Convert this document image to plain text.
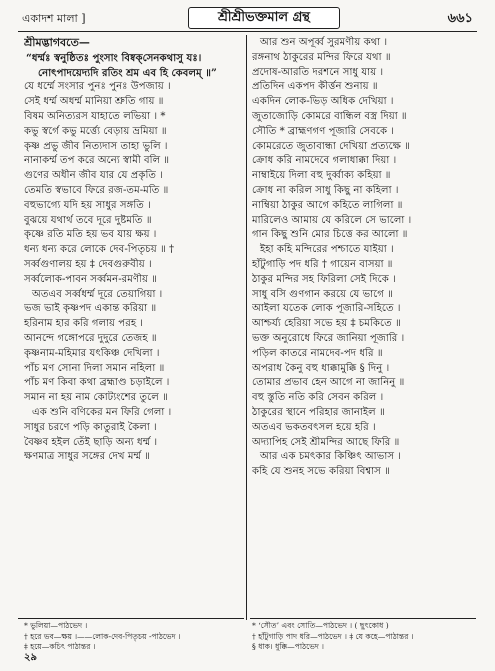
একাদশ মালা ]	শ্রীশ্রীভক্তমাল গ্রন্থ	৬৬১
শ্রীমদ্ভাগবতে—
“ধর্ম্মঃ স্বনুষ্ঠিতঃ পুংসাং বিষ্বক্‌সেনকথাসু যঃ।
নোৎপাদয়েদ্যদি রতিং শ্রম এব হি কেবলম্‌ ॥”
যে ধর্ম্মে সংসার পুনঃ পুনঃ উপজায় ।
সেই ধর্ম্ম অধর্ম্ম মানিয়া শ্রুতি গায় ॥
বিষম অনিত্যরস যাহাতে লভিয়া । *
কভু স্বর্গে কভু মর্ত্ত্যে বেড়ায় ভ্রমিয়া ॥
কৃষ্ণ প্রভু জীব নিত্যদাস তাহা ভুলি ।
নানাকর্ম্ম তপ করে অন্যে স্বামী বলি ॥
গুণের অধীন জীব যার যে প্রকৃতি ।
তেমতি স্বভাবে ফিরে রজ-তম-মতি ॥
বহুভাগ্যে যদি হয় সাধুর সঙ্গতি ।
বুঝয়ে যথার্থ তবে দূরে দুষ্টমতি ॥
কৃষ্ণে রতি মতি হয় ভব যায় ক্ষয় ।
ধন্য ধন্য করে লোকে দেব-পিতৃচয় ॥ †
সর্ব্বগুণালয় হয় ‡ দেবগুরুবীয় ।
সর্ব্বলোক-পাবন সর্ব্বমন-রমণীয় ॥
অতএব সর্ব্বধর্ম্ম দূরে তেয়াগিয়া ।
ভজ ভাই কৃষ্ণপদ একান্ত করিয়া ॥
হরিনাম হার করি গলায় পরহ ।
আনন্দে গঙ্গোপরে দুদুরে তেজহ ॥
কৃষ্ণনাম-মহিমার যৎকিঞ্চ দেখিলা ।
পাঁচ মণ সোনা দিলা সমান নহিলা ॥
পাঁচ মণ কিবা কথা ব্রহ্মাণ্ড চড়াইলে ।
সমান না হয় নাম কোট্যংশের তুলে ॥
এক শুনি বণিকের মন ফিরি গেলা ।
সাধুর চরণে পড়ি কাতুরাই কৈলা ।
বৈষ্ণব হইল তেঁই ছাড়ি অন্য ধর্ম্ম ।
ক্ষণমাত্র সাধুর সঙ্গের দেখ মর্ম্ম ॥
আর শুন অপূর্ব্ব সুরমণীয় কথা ।
রঙ্গনাথ ঠাকুরের মন্দির ফিরে যথা ॥
প্রদোষ-আরতি দরশনে সাধু যায় ।
প্রতিদিন একপদ কীর্ত্তন শুনায় ॥
একদিন লোক-ভিড় অধিক দেখিয়া ।
জুতাজোড়ি কোমরে বান্ধিল বস্ত্র দিয়া ॥
সৌতি * ব্রাহ্মণগণ পূজারি সেবকে ।
কোমরেতে জুতাবান্ধা দেখিয়া প্রত্যক্ষে ॥
ক্রোধ করি নামদেবে গলাধাক্কা দিয়া ।
নাম্বাইয়ে দিলা বহু দুর্ব্বাক্য কহিয়া ॥
ক্রোধ না করিল সাধু কিছু না কহিলা ।
নাম্বিয়া ঠাকুর আগে কহিতে লাগিলা ॥
মারিলেও আমায় যে করিলে সে ভালো ।
গান কিছু শুনি মোর চিত্তে কর আলো ॥
ইহা কহি মন্দিরের পশ্চাতে যাইয়া ।
হাঁটুগাড়ি পদ ধরি † গায়েন বাসয়া ॥
ঠাকুর মন্দির সহ ফিরিলা সেই দিকে ।
সাধু বসি গুণগান করয়ে যে ভাগে ॥
আইলা যতেক লোক পূজারি-সহিতে ।
আশ্চর্য্য হেরিয়া সভে হয় ‡ চমকিতে ॥
ভক্ত অনুরোধে ফিরে জানিয়া পূজারি ।
পড়িল কাতরে নামদেব-পদ ধরি ॥
অপরাধ কৈনু বহু ধাক্কামুক্কি § দিনু ।
তোমার প্রভাব হেন আগে না জানিনু ॥
বহু স্তুতি নতি করি সেবন করিল ।
ঠাকুরের স্থানে পরিহার জানাইল ॥
অতএব ভকতবৎসল হয়ে হরি ।
অদ্যাপিহ সেই শ্রীমন্দির আছে ফিরি ॥
আর এক চমৎকার কিঞ্চিৎ আভাস ।
কহি যে শুনহ সভে করিয়া বিশ্বাস ॥
* ভুলিয়া—পাঠভেদ ।
† হরে ভব—ক্ষয় ।——লোক-দেব-পিতৃচয় -পাঠভেদ ।
‡ হয়ে—কচিৎ পাঠান্তর ।
* ‘সৌত’ এবং সোতি—পাঠভেদ । ( ছুৎকোধ )
† হাঁটুগাড়ি পাদ ধরি—পাঠভেদ । ‡ যে কহে—পাঠান্তর ।
§ ধাক। ধুক্কি—পাঠভেদ ।
২৯
